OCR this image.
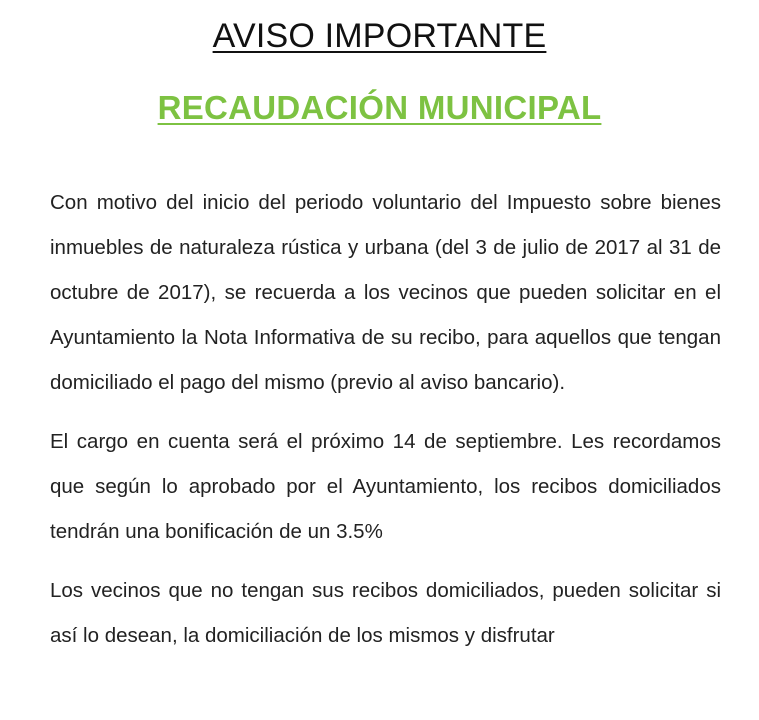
AVISO IMPORTANTE
RECAUDACIÓN MUNICIPAL

Con motivo del inicio del periodo voluntario del Impuesto sobre bienes inmuebles de naturaleza rústica y urbana (del 3 de julio de 2017 al 31 de octubre de 2017), se recuerda a los vecinos que pueden solicitar en el Ayuntamiento la Nota Informativa de su recibo, para aquellos que tengan domiciliado el pago del mismo (previo al aviso bancario).

El cargo en cuenta será el próximo 14 de septiembre. Les recordamos que según lo aprobado por el Ayuntamiento, los recibos domiciliados tendrán una bonificación de un 3.5%

Los vecinos que no tengan sus recibos domiciliados, pueden solicitar si así lo desean, la domiciliación de los mismos y disfrutar
